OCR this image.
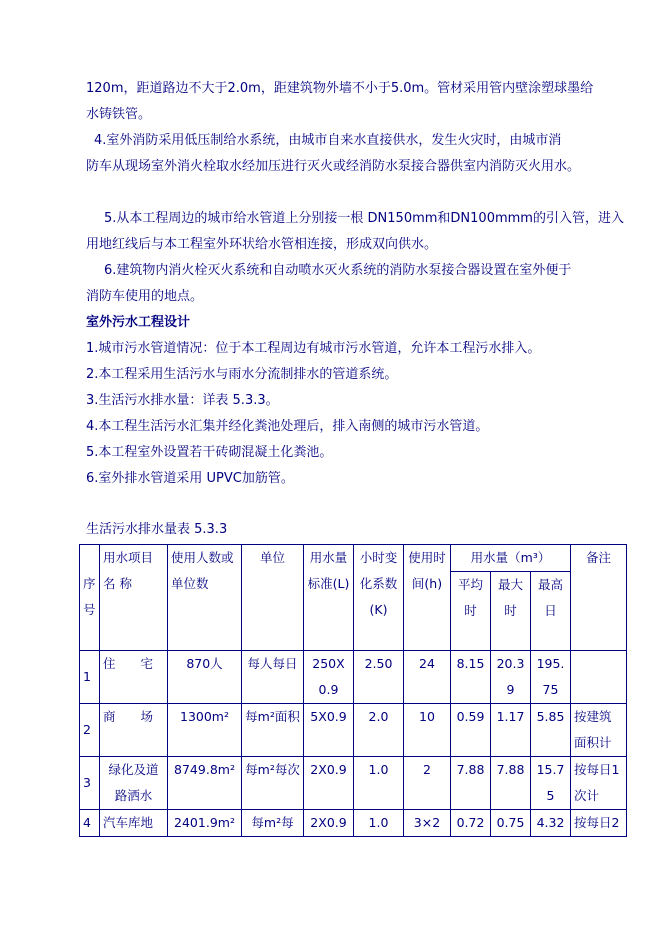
120m，距道路边不大于2.0m，距建筑物外墙不小于5.0m。管材采用管内壁涂塑球墨给
水铸铁管。
4.室外消防采用低压制给水系统，由城市自来水直接供水，发生火灾时，由城市消
防车从现场室外消火栓取水经加压进行灭火或经消防水泵接合器供室内消防灭火用水。
5.从本工程周边的城市给水管道上分别接一根 DN150mm和DN100mmm的引入管，进入
用地红线后与本工程室外环状给水管相连接，形成双向供水。
6.建筑物内消火栓灭火系统和自动喷水灭火系统的消防水泵接合器设置在室外便于
消防车使用的地点。
室外污水工程设计
1.城市污水管道情况：位于本工程周边有城市污水管道，允许本工程污水排入。
2.本工程采用生活污水与雨水分流制排水的管道系统。
3.生活污水排水量：详表 5.3.3。
4.本工程生活污水汇集并经化粪池处理后，排入南侧的城市污水管道。
5.本工程室外设置若干砖砌混凝土化粪池。
6.室外排水管道采用 UPVC加筋管。
生活污水排水量表 5.3.3
序号	用水项目 名 称	使用人数或单位数	单位	用水量标准(L)	小时变化系数(K)	使用时间(h)	用水量（m³）			备注
							平均时	最大时	最高日	
1	住　　宅	870人	每人每日	250X0.9	2.50	24	8.15	20.39	195.75	
2	商　　场	1300m²	每m²面积	5X0.9	2.0	10	0.59	1.17	5.85	按建筑面积计
3	绿化及道路洒水	8749.8m²	每m²每次	2X0.9	1.0	2	7.88	7.88	15.75	按每日1次计
4	汽车库地	2401.9m²	每m²每	2X0.9	1.0	3×2	0.72	0.75	4.32	按每日2
